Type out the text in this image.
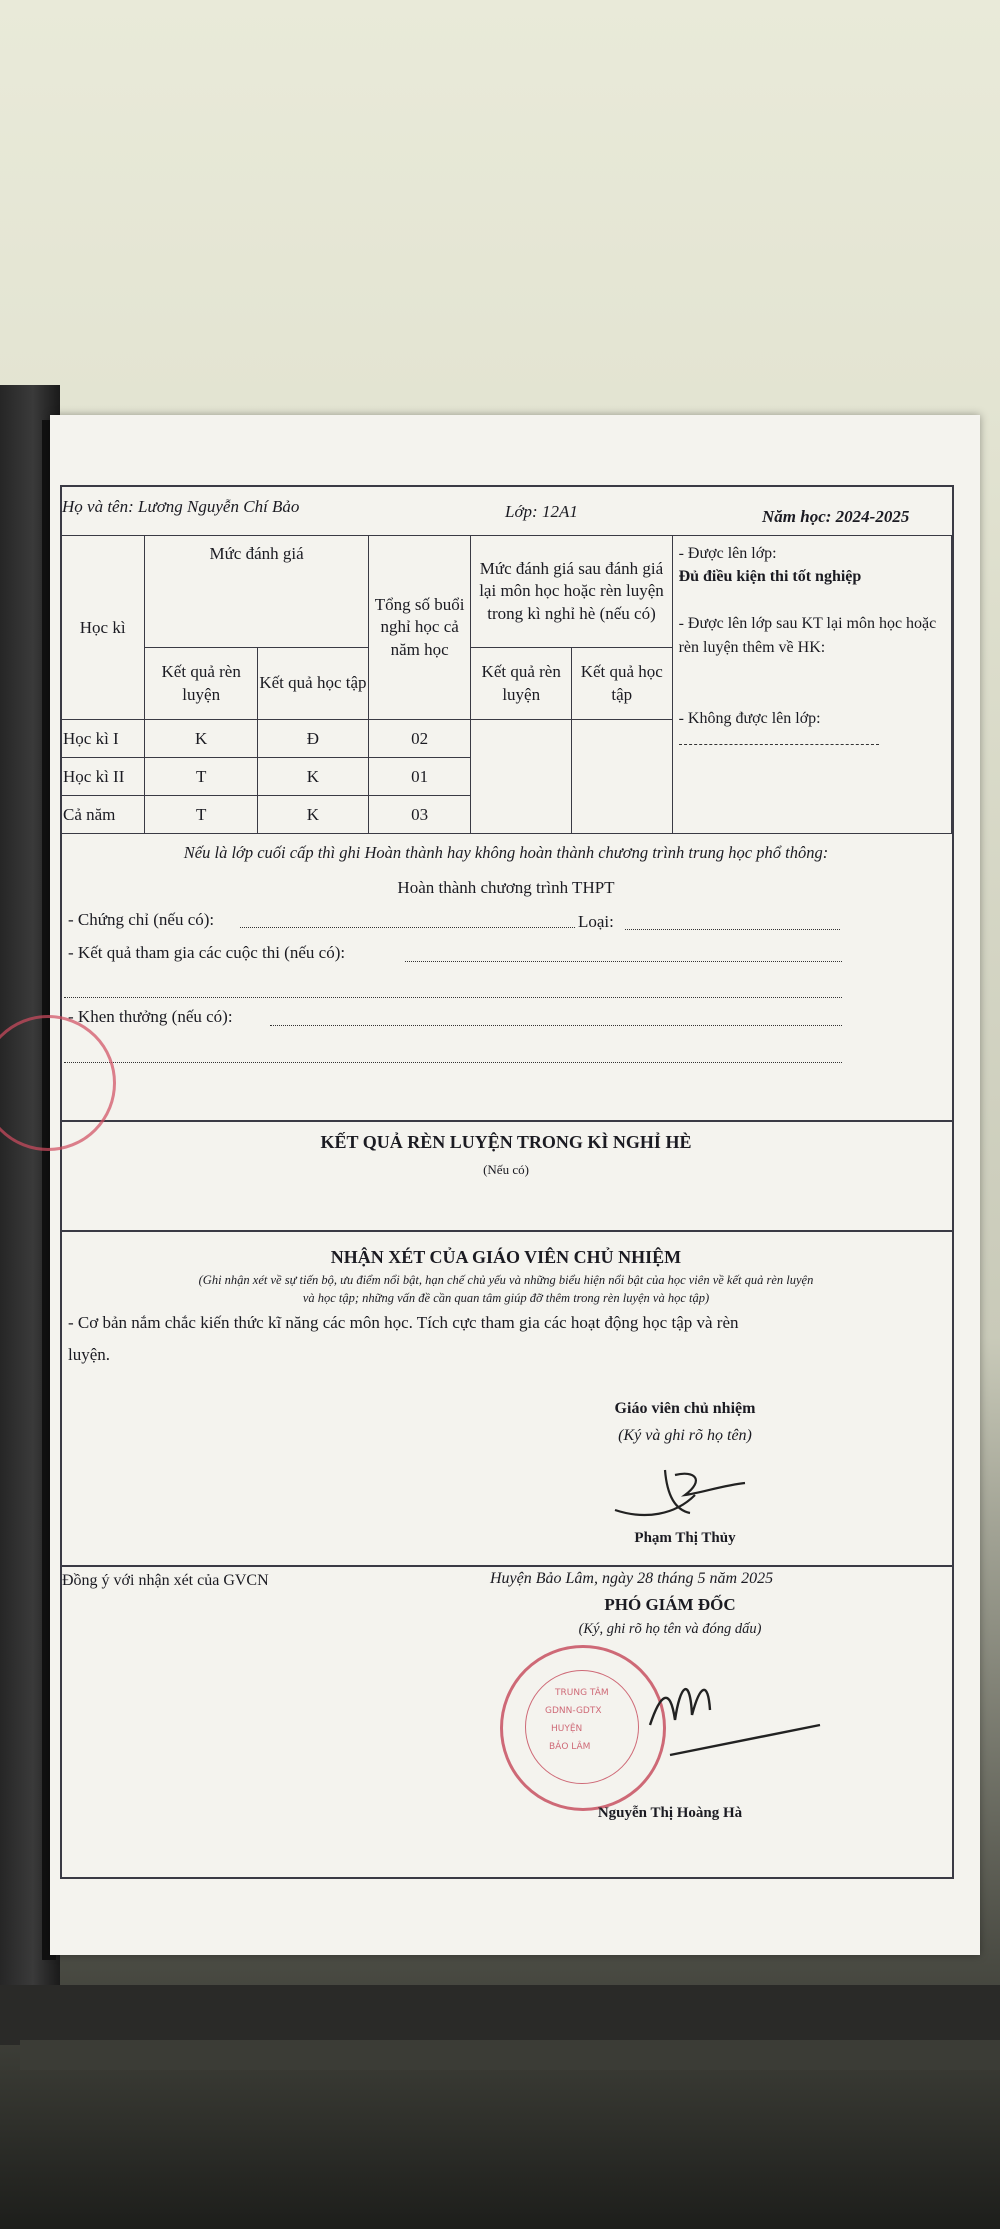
Họ và tên: Lương Nguyễn Chí Bảo	Lớp: 12A1	Năm học: 2024-2025
Học kì	Mức đánh giá		Tổng số buổi nghỉ học cả năm học	Mức đánh giá sau đánh giá lại môn học hoặc rèn luyện trong kì nghỉ hè (nếu có)		- Được lên lớp:
Đủ điều kiện thi tốt nghiệp
- Được lên lớp sau KT lại môn học hoặc rèn luyện thêm về HK:
- Không được lên lớp:

	Kết quả rèn luyện	Kết quả học tập		Kết quả rèn luyện	Kết quả học tập	
Học kì I	K	Đ	02			
Học kì II	T	K	01			
Cả năm	T	K	03			
Nếu là lớp cuối cấp thì ghi Hoàn thành hay không hoàn thành chương trình trung học phổ thông:
Hoàn thành chương trình THPT
- Chứng chỉ (nếu có):	Loại:
- Kết quả tham gia các cuộc thi (nếu có):
- Khen thưởng (nếu có):
KẾT QUẢ RÈN LUYỆN TRONG KÌ NGHỈ HÈ
(Nếu có)
NHẬN XÉT CỦA GIÁO VIÊN CHỦ NHIỆM
(Ghi nhận xét về sự tiến bộ, ưu điểm nổi bật, hạn chế chủ yếu và những biểu hiện nổi bật của học viên về kết quả rèn luyện
và học tập; những vấn đề cần quan tâm giúp đỡ thêm trong rèn luyện và học tập)
- Cơ bản nắm chắc kiến thức kĩ năng các môn học. Tích cực tham gia các hoạt động học tập và rèn
luyện.
Giáo viên chủ nhiệm
(Ký và ghi rõ họ tên)
Phạm Thị Thủy
Đồng ý với nhận xét của GVCN	Huyện Bảo Lâm, ngày 28 tháng 5 năm 2025
PHÓ GIÁM ĐỐC
(Ký, ghi rõ họ tên và đóng dấu)
TRUNG TÂM
GDNN-GDTX
HUYỆN
BẢO LÂM
Nguyễn Thị Hoàng Hà
